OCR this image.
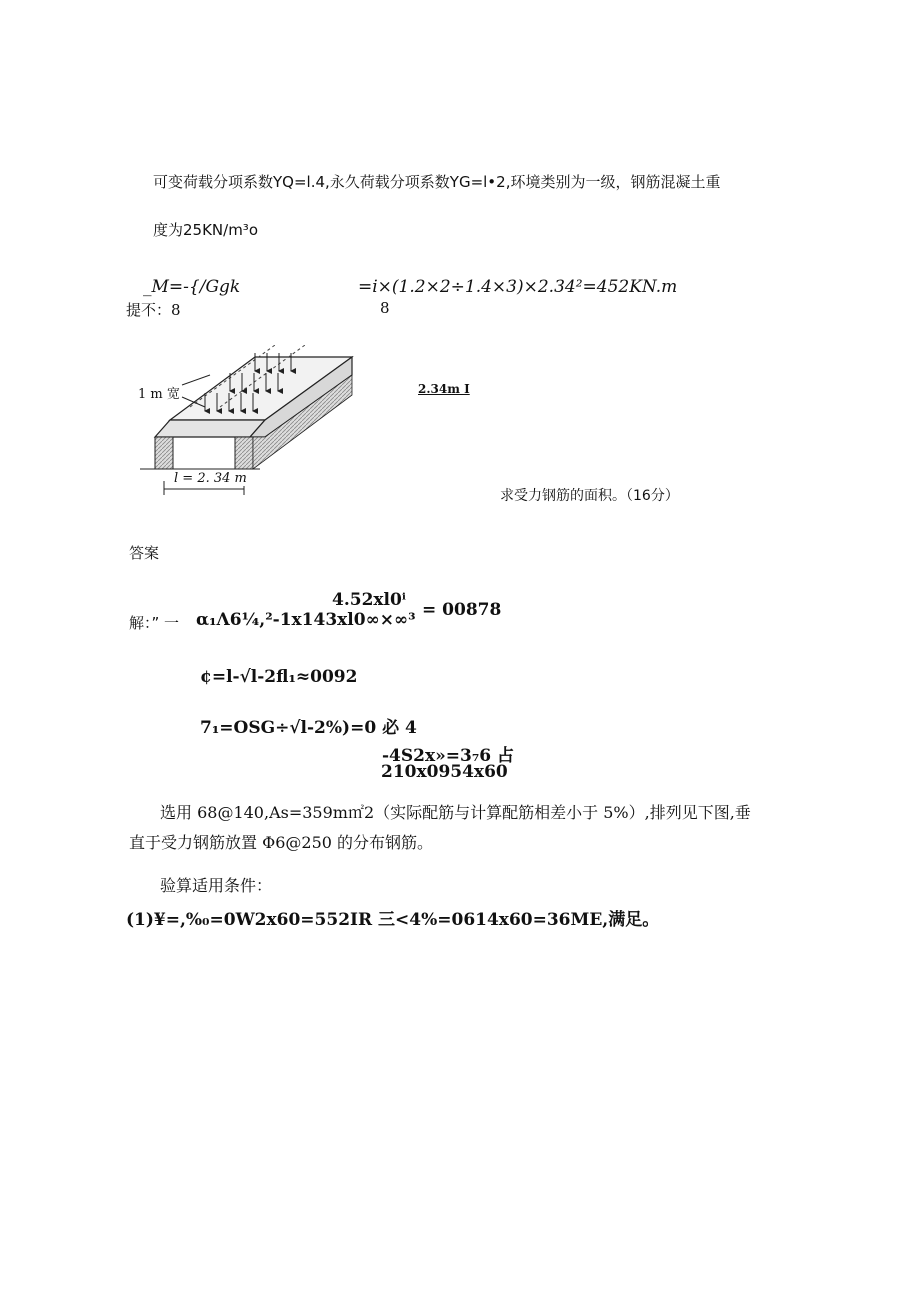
可变荷载分项系数YQ=l.4,永久荷载分项系数YG=l•2,环境类别为一级，钢筋混凝土重
度为25KN∕m³o
_M=-{/Ggk	=i×(1.2×2÷1.4×3)×2.34²=452KN.m
提不：8	8
1 m 宽
l = 2. 34 m
2.34m I
求受力钢筋的面积。（16分）
答案
4.52xl0ⁱ
解：” 一 α₁Λ6¼,²-1x143xl0∞×∞³ = 00878
¢=l-√l-2fl₁≈0092
7₁=OSG÷√l-2%)=0 必 4
-4S2x»=3₇6 占
210x0954x60
选用 68@140,As=359m㎡2（实际配筋与计算配筋相差小于 5%）,排列见下图,垂
直于受力钢筋放置 Φ6@250 的分布钢筋。
验算适用条件：
(1)¥=,%₀=0W2x60=552IR 三<4%=0614x60=36ME,满足。
